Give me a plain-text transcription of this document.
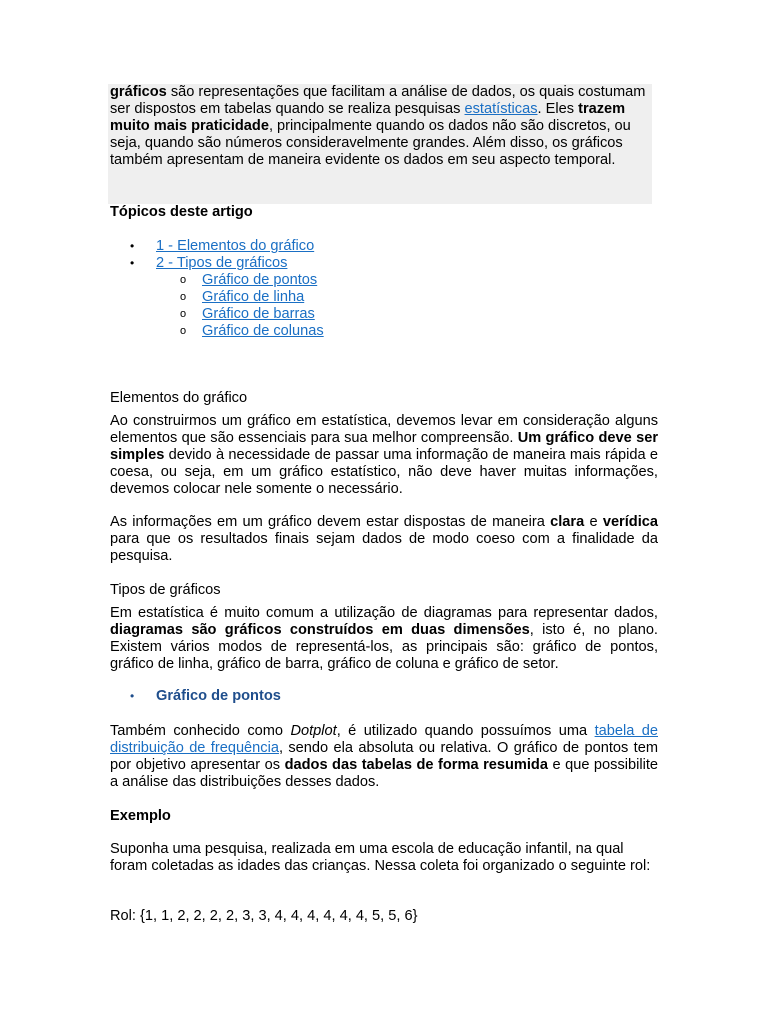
gráficos são representações que facilitam a análise de dados, os quais costumam ser dispostos em tabelas quando se realiza pesquisas estatísticas. Eles trazem muito mais praticidade, principalmente quando os dados não são discretos, ou seja, quando são números consideravelmente grandes. Além disso, os gráficos também apresentam de maneira evidente os dados em seu aspecto temporal.

Tópicos deste artigo
• 1 - Elementos do gráfico
• 2 - Tipos de gráficos
o Gráfico de pontos
o Gráfico de linha
o Gráfico de barras
o Gráfico de colunas
Elementos do gráfico

Ao construirmos um gráfico em estatística, devemos levar em consideração alguns elementos que são essenciais para sua melhor compreensão. Um gráfico deve ser simples devido à necessidade de passar uma informação de maneira mais rápida e coesa, ou seja, em um gráfico estatístico, não deve haver muitas informações, devemos colocar nele somente o necessário.

As informações em um gráfico devem estar dispostas de maneira clara e verídica para que os resultados finais sejam dados de modo coeso com a finalidade da pesquisa.

Tipos de gráficos

Em estatística é muito comum a utilização de diagramas para representar dados, diagramas são gráficos construídos em duas dimensões, isto é, no plano. Existem vários modos de representá-los, as principais são: gráfico de pontos, gráfico de linha, gráfico de barra, gráfico de coluna e gráfico de setor.

• Gráfico de pontos

Também conhecido como Dotplot, é utilizado quando possuímos uma tabela de distribuição de frequência, sendo ela absoluta ou relativa. O gráfico de pontos tem por objetivo apresentar os dados das tabelas de forma resumida e que possibilite a análise das distribuições desses dados.

Exemplo

Suponha uma pesquisa, realizada em uma escola de educação infantil, na qual foram coletadas as idades das crianças. Nessa coleta foi organizado o seguinte rol:

Rol: {1, 1, 2, 2, 2, 2, 3, 3, 4, 4, 4, 4, 4, 4, 5, 5, 6}
